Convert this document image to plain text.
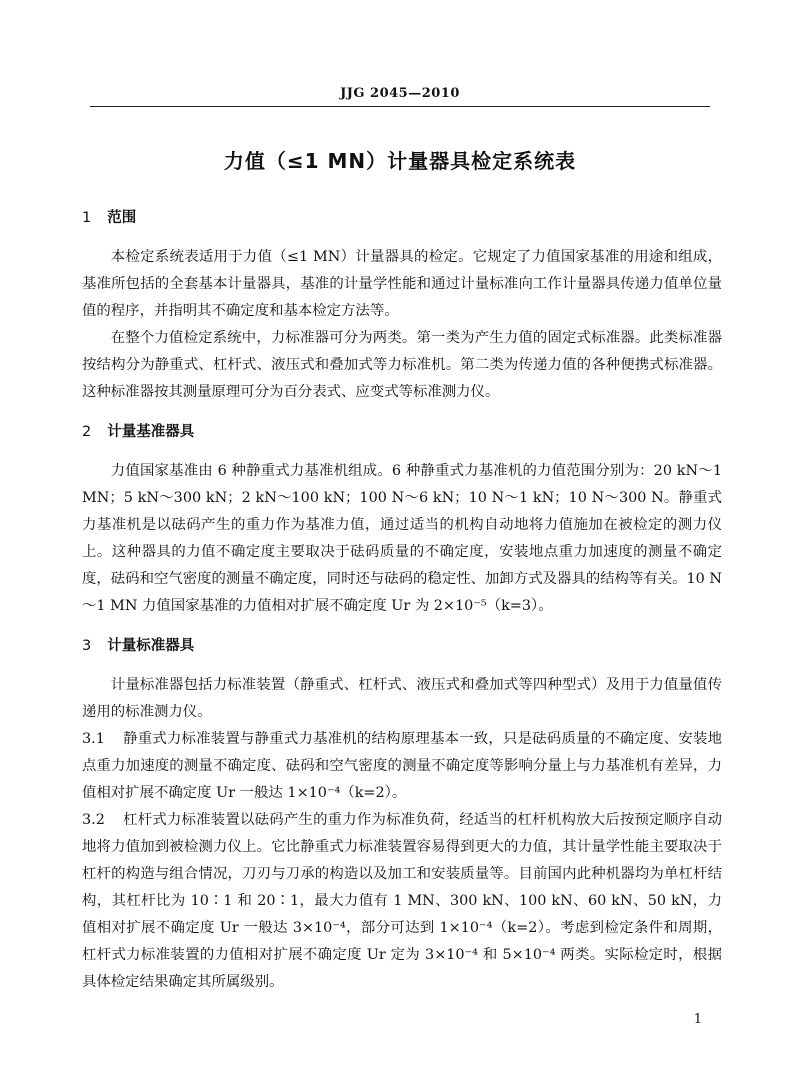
JJG 2045—2010
力值（≤1 MN）计量器具检定系统表
1 范围

本检定系统表适用于力值（≤1 MN）计量器具的检定。它规定了力值国家基准的用途和组成，基准所包括的全套基本计量器具，基准的计量学性能和通过计量标准向工作计量器具传递力值单位量值的程序，并指明其不确定度和基本检定方法等。

在整个力值检定系统中，力标准器可分为两类。第一类为产生力值的固定式标准器。此类标准器按结构分为静重式、杠杆式、液压式和叠加式等力标准机。第二类为传递力值的各种便携式标准器。这种标准器按其测量原理可分为百分表式、应变式等标准测力仪。

2 计量基准器具

力值国家基准由 6 种静重式力基准机组成。6 种静重式力基准机的力值范围分别为：20 kN～1 MN；5 kN～300 kN；2 kN～100 kN；100 N～6 kN；10 N～1 kN；10 N～300 N。静重式力基准机是以砝码产生的重力作为基准力值，通过适当的机构自动地将力值施加在被检定的测力仪上。这种器具的力值不确定度主要取决于砝码质量的不确定度，安装地点重力加速度的测量不确定度，砝码和空气密度的测量不确定度，同时还与砝码的稳定性、加卸方式及器具的结构等有关。10 N～1 MN 力值国家基准的力值相对扩展不确定度 Ur 为 2×10⁻⁵（k=3）。

3 计量标准器具

计量标准器包括力标准装置（静重式、杠杆式、液压式和叠加式等四种型式）及用于力值量值传递用的标准测力仪。

3.1 静重式力标准装置与静重式力基准机的结构原理基本一致，只是砝码质量的不确定度、安装地点重力加速度的测量不确定度、砝码和空气密度的测量不确定度等影响分量上与力基准机有差异，力值相对扩展不确定度 Ur 一般达 1×10⁻⁴（k=2）。

3.2 杠杆式力标准装置以砝码产生的重力作为标准负荷，经适当的杠杆机构放大后按预定顺序自动地将力值加到被检测力仪上。它比静重式力标准装置容易得到更大的力值，其计量学性能主要取决于杠杆的构造与组合情况，刀刃与刀承的构造以及加工和安装质量等。目前国内此种机器均为单杠杆结构，其杠杆比为 10∶1 和 20∶1，最大力值有 1 MN、300 kN、100 kN、60 kN、50 kN，力值相对扩展不确定度 Ur 一般达 3×10⁻⁴，部分可达到 1×10⁻⁴（k=2）。考虑到检定条件和周期，杠杆式力标准装置的力值相对扩展不确定度 Ur 定为 3×10⁻⁴ 和 5×10⁻⁴ 两类。实际检定时，根据具体检定结果确定其所属级别。

1
